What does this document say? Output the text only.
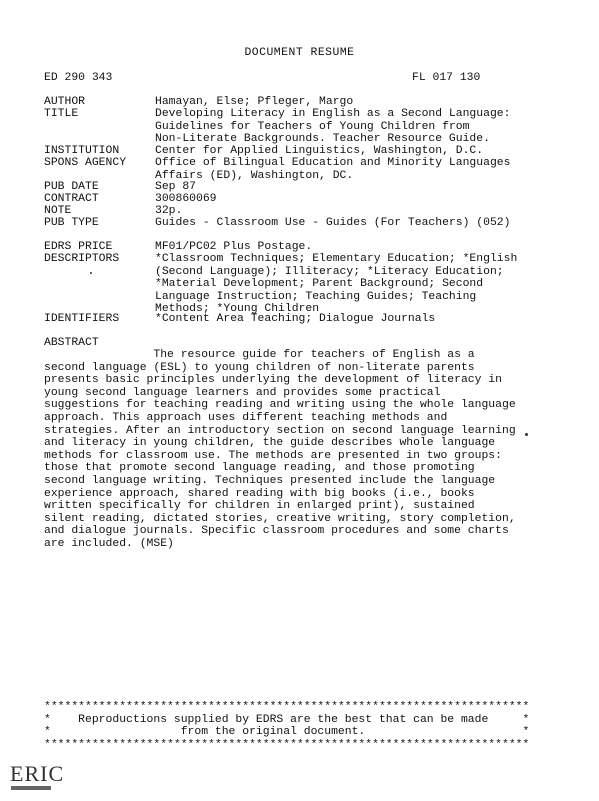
DOCUMENT RESUME
ED 290 343	FL 017 130
AUTHOR	Hamayan, Else; Pfleger, Margo
TITLE	Developing Literacy in English as a Second Language:
Guidelines for Teachers of Young Children from
Non-Literate Backgrounds. Teacher Resource Guide.
INSTITUTION	Center for Applied Linguistics, Washington, D.C.
SPONS AGENCY	Office of Bilingual Education and Minority Languages
Affairs (ED), Washington, DC.
PUB DATE	Sep 87
CONTRACT	300860069
NOTE	32p.
PUB TYPE	Guides - Classroom Use - Guides (For Teachers) (052)
EDRS PRICE	MF01/PC02 Plus Postage.
DESCRIPTORS	*Classroom Techniques; Elementary Education; *English
(Second Language); Illiteracy; *Literacy Education;
*Material Development; Parent Background; Second
Language Instruction; Teaching Guides; Teaching
Methods; *Young Children
IDENTIFIERS	*Content Area Teaching; Dialogue Journals
ABSTRACT
The resource guide for teachers of English as a
second language (ESL) to young children of non-literate parents
presents basic principles underlying the development of literacy in
young second language learners and provides some practical
suggestions for teaching reading and writing using the whole language
approach. This approach uses different teaching methods and
strategies. After an introductory section on second language learning
and literacy in young children, the guide describes whole language
methods for classroom use. The methods are presented in two groups:
those that promote second language reading, and those promoting
second language writing. Techniques presented include the language
experience approach, shared reading with big books (i.e., books
written specifically for children in enlarged print), sustained
silent reading, dictated stories, creative writing, story completion,
and dialogue journals. Specific classroom procedures and some charts
are included. (MSE)
***********************************************************************
*    Reproductions supplied by EDRS are the best that can be made     *
*                   from the original document.                       *
***********************************************************************
ERIC
